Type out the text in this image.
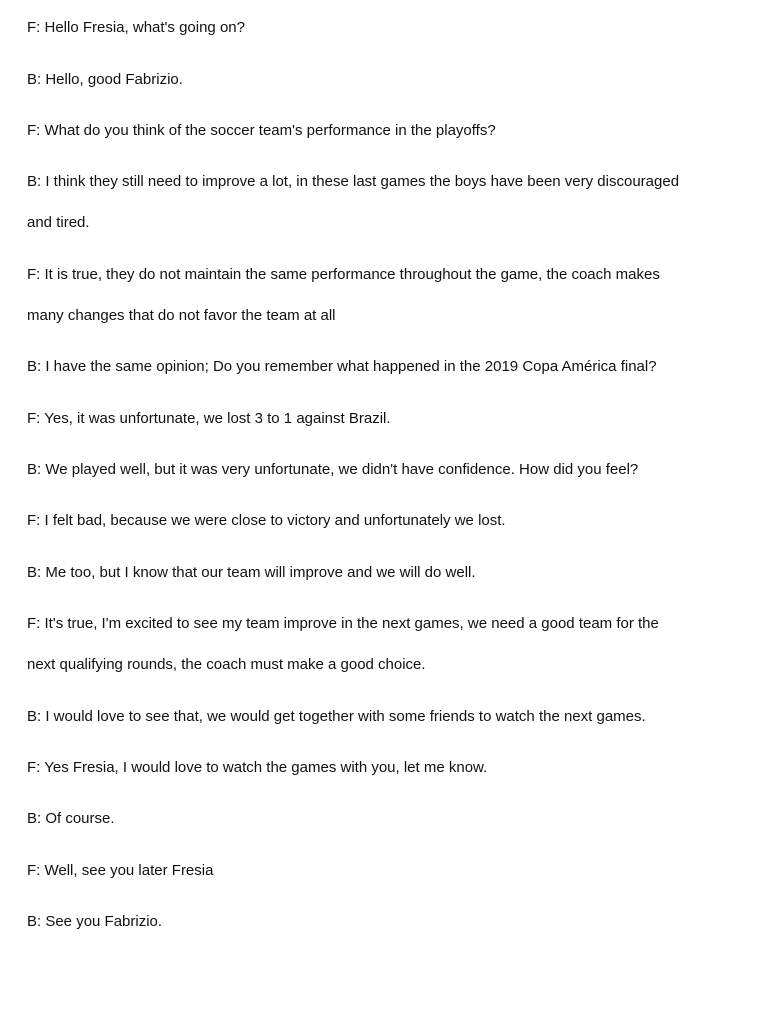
F: Hello Fresia, what's going on?
B: Hello, good Fabrizio.
F: What do you think of the soccer team's performance in the playoffs?
B: I think they still need to improve a lot, in these last games the boys have been very discouraged
and tired.
F: It is true, they do not maintain the same performance throughout the game, the coach makes
many changes that do not favor the team at all
B: I have the same opinion; Do you remember what happened in the 2019 Copa América final?
F: Yes, it was unfortunate, we lost 3 to 1 against Brazil.
B: We played well, but it was very unfortunate, we didn't have confidence. How did you feel?
F: I felt bad, because we were close to victory and unfortunately we lost.
B: Me too, but I know that our team will improve and we will do well.
F: It's true, I'm excited to see my team improve in the next games, we need a good team for the
next qualifying rounds, the coach must make a good choice.
B: I would love to see that, we would get together with some friends to watch the next games.
F: Yes Fresia, I would love to watch the games with you, let me know.
B: Of course.
F: Well, see you later Fresia
B: See you Fabrizio.
